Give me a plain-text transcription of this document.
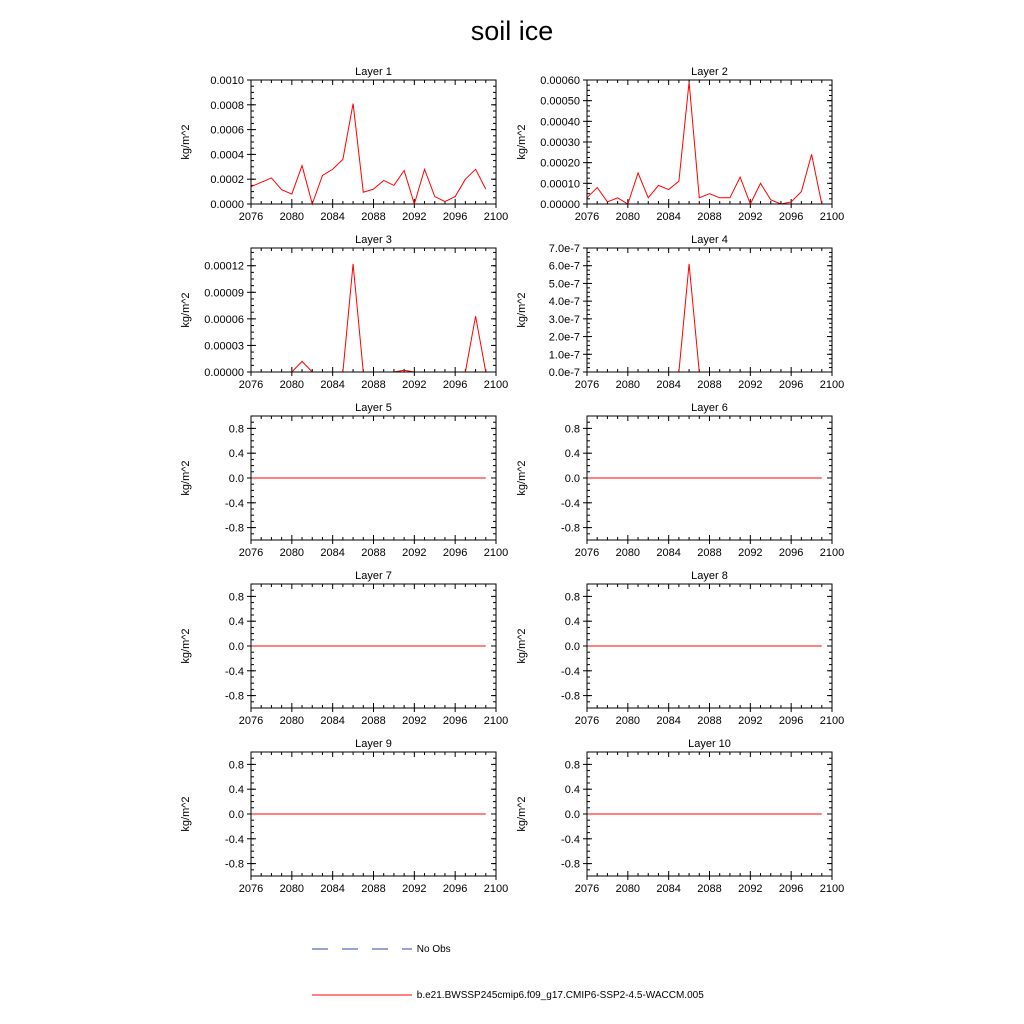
soil ice
Layer 1
kg/m^2
2076 2080 2084 2088 2092 2096 2100
0.0000
0.0002
0.0004
0.0006
0.0008
0.0010
Layer 2
kg/m^2
2076 2080 2084 2088 2092 2096 2100
0.00000
0.00010
0.00020
0.00030
0.00040
0.00050
0.00060
Layer 3
kg/m^2
2076 2080 2084 2088 2092 2096 2100
0.00000
0.00003
0.00006
0.00009
0.00012
Layer 4
kg/m^2
2076 2080 2084 2088 2092 2096 2100
0.0e-7
1.0e-7
2.0e-7
3.0e-7
4.0e-7
5.0e-7
6.0e-7
7.0e-7
Layer 5
kg/m^2
2076 2080 2084 2088 2092 2096 2100
-0.8
-0.4
0.0
0.4
0.8
Layer 6
kg/m^2
2076 2080 2084 2088 2092 2096 2100
-0.8
-0.4
0.0
0.4
0.8
Layer 7
kg/m^2
2076 2080 2084 2088 2092 2096 2100
-0.8
-0.4
0.0
0.4
0.8
Layer 8
kg/m^2
2076 2080 2084 2088 2092 2096 2100
-0.8
-0.4
0.0
0.4
0.8
Layer 9
kg/m^2
2076 2080 2084 2088 2092 2096 2100
-0.8
-0.4
0.0
0.4
0.8
Layer 10
kg/m^2
2076 2080 2084 2088 2092 2096 2100
-0.8
-0.4
0.0
0.4
0.8
No Obs
b.e21.BWSSP245cmip6.f09_g17.CMIP6-SSP2-4.5-WACCM.005
